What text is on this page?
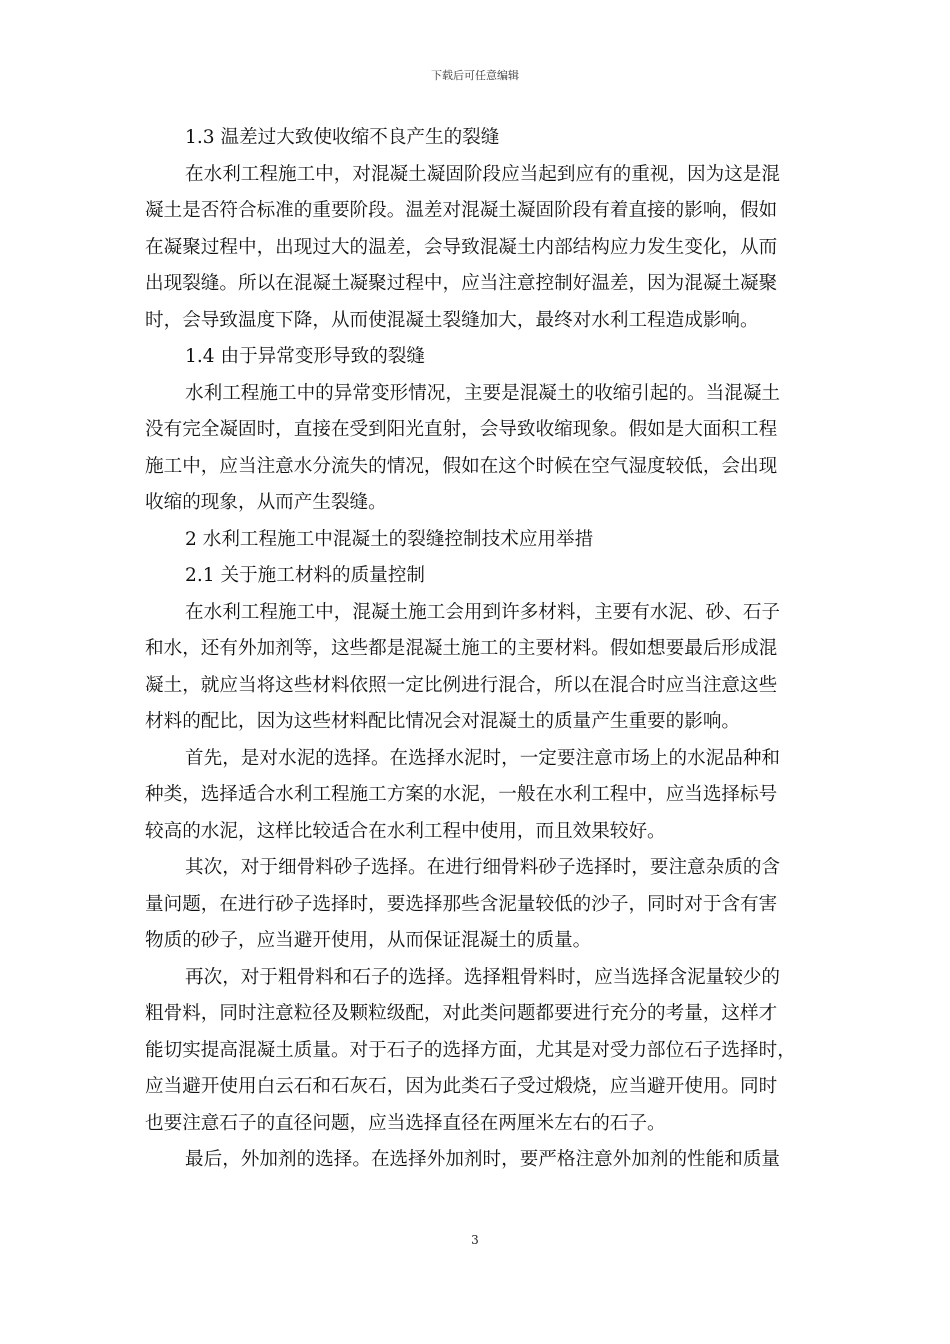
下载后可任意编辑
1.3 温差过大致使收缩不良产生的裂缝
在水利工程施工中，对混凝土凝固阶段应当起到应有的重视，因为这是混
凝土是否符合标准的重要阶段。温差对混凝土凝固阶段有着直接的影响，假如
在凝聚过程中，出现过大的温差，会导致混凝土内部结构应力发生变化，从而
出现裂缝。所以在混凝土凝聚过程中，应当注意控制好温差，因为混凝土凝聚
时，会导致温度下降，从而使混凝土裂缝加大，最终对水利工程造成影响。
1.4 由于异常变形导致的裂缝
水利工程施工中的异常变形情况，主要是混凝土的收缩引起的。当混凝土
没有完全凝固时，直接在受到阳光直射，会导致收缩现象。假如是大面积工程
施工中，应当注意水分流失的情况，假如在这个时候在空气湿度较低，会出现
收缩的现象，从而产生裂缝。
2 水利工程施工中混凝土的裂缝控制技术应用举措
2.1 关于施工材料的质量控制
在水利工程施工中，混凝土施工会用到许多材料，主要有水泥、砂、石子
和水，还有外加剂等，这些都是混凝土施工的主要材料。假如想要最后形成混
凝土，就应当将这些材料依照一定比例进行混合，所以在混合时应当注意这些
材料的配比，因为这些材料配比情况会对混凝土的质量产生重要的影响。
首先，是对水泥的选择。在选择水泥时，一定要注意市场上的水泥品种和
种类，选择适合水利工程施工方案的水泥，一般在水利工程中，应当选择标号
较高的水泥，这样比较适合在水利工程中使用，而且效果较好。
其次，对于细骨料砂子选择。在进行细骨料砂子选择时，要注意杂质的含
量问题，在进行砂子选择时，要选择那些含泥量较低的沙子，同时对于含有害
物质的砂子，应当避开使用，从而保证混凝土的质量。
再次，对于粗骨料和石子的选择。选择粗骨料时，应当选择含泥量较少的
粗骨料，同时注意粒径及颗粒级配，对此类问题都要进行充分的考量，这样才
能切实提高混凝土质量。对于石子的选择方面，尤其是对受力部位石子选择时，
应当避开使用白云石和石灰石，因为此类石子受过煅烧，应当避开使用。同时
也要注意石子的直径问题，应当选择直径在两厘米左右的石子。
最后，外加剂的选择。在选择外加剂时，要严格注意外加剂的性能和质量
3
